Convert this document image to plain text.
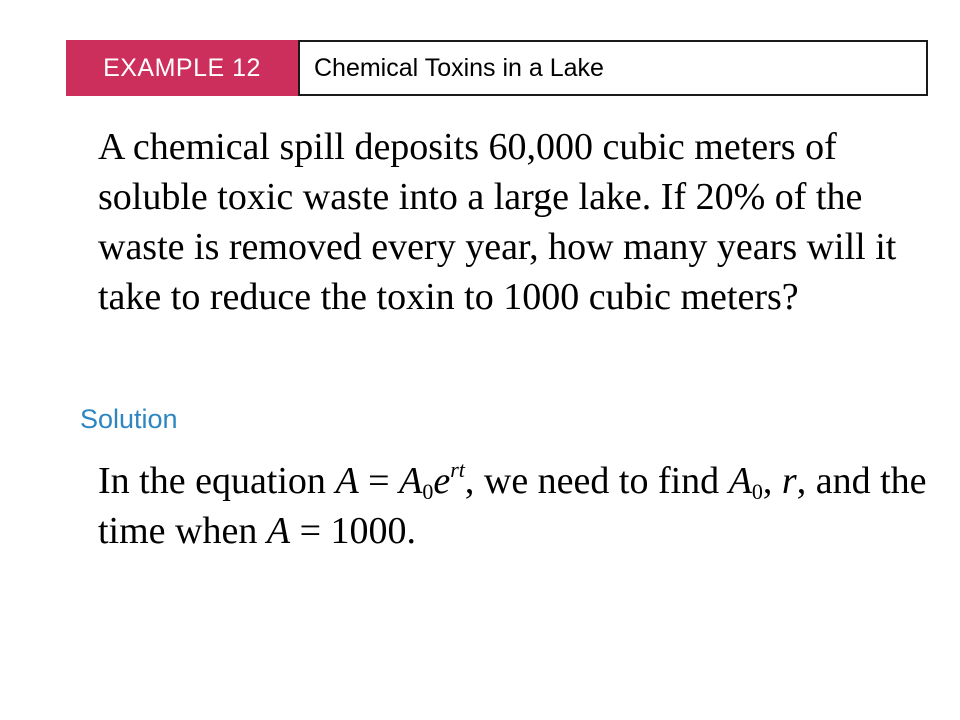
EXAMPLE 12	Chemical Toxins in a Lake

A chemical spill deposits 60,000 cubic meters of soluble toxic waste into a large lake. If 20% of the waste is removed every year, how many years will it take to reduce the toxin to 1000 cubic meters?

Solution

In the equation $A = A_0e^{rt}$, we need to find $A_0$, r, and the time when A = 1000.
